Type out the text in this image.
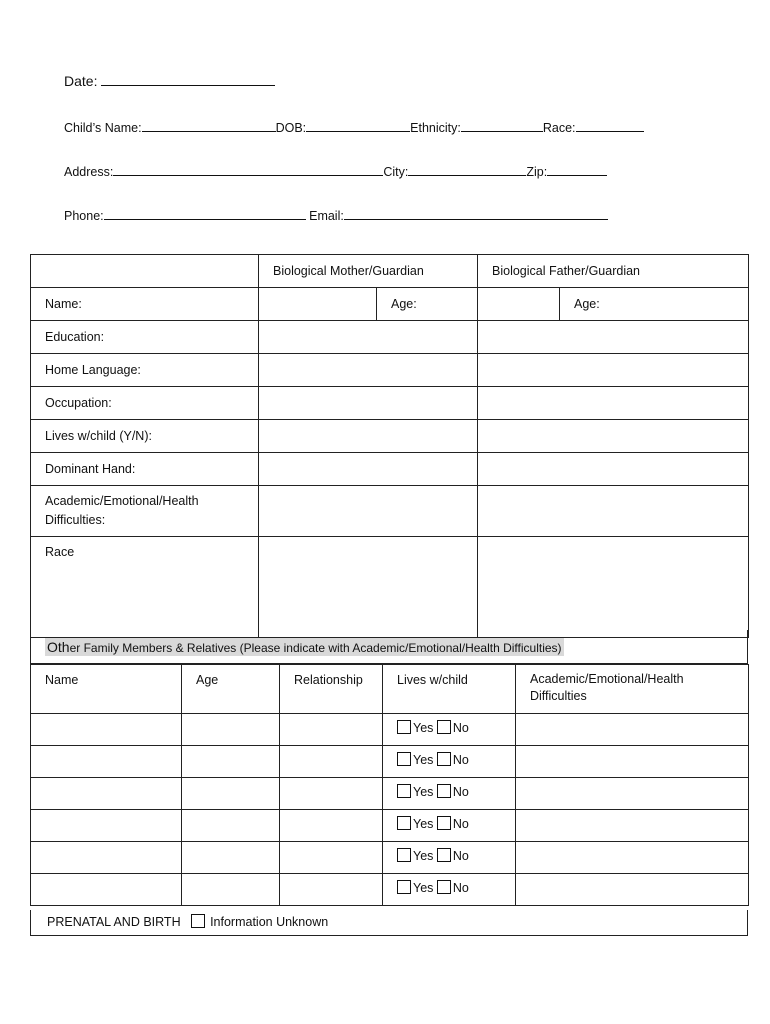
Date:
Child’s Name:	DOB:	Ethnicity:	Race:
Address:	City:	Zip:
Phone:	Email:
	Biological Mother/Guardian		Biological Father/Guardian	
Name:		Age:		Age:
Education:				
Home Language:				
Occupation:				
Lives w/child (Y/N):				
Dominant Hand:				
Academic/Emotional/Health
Difficulties:				
Race				
Other Family Members & Relatives (Please indicate with Academic/Emotional/Health Difficulties)
Name	Age	Relationship	Lives w/child	Academic/Emotional/Health
Difficulties
			Yes No	
			Yes No	
			Yes No	
			Yes No	
			Yes No	
			Yes No	
PRENATAL AND BIRTH Information Unknown
